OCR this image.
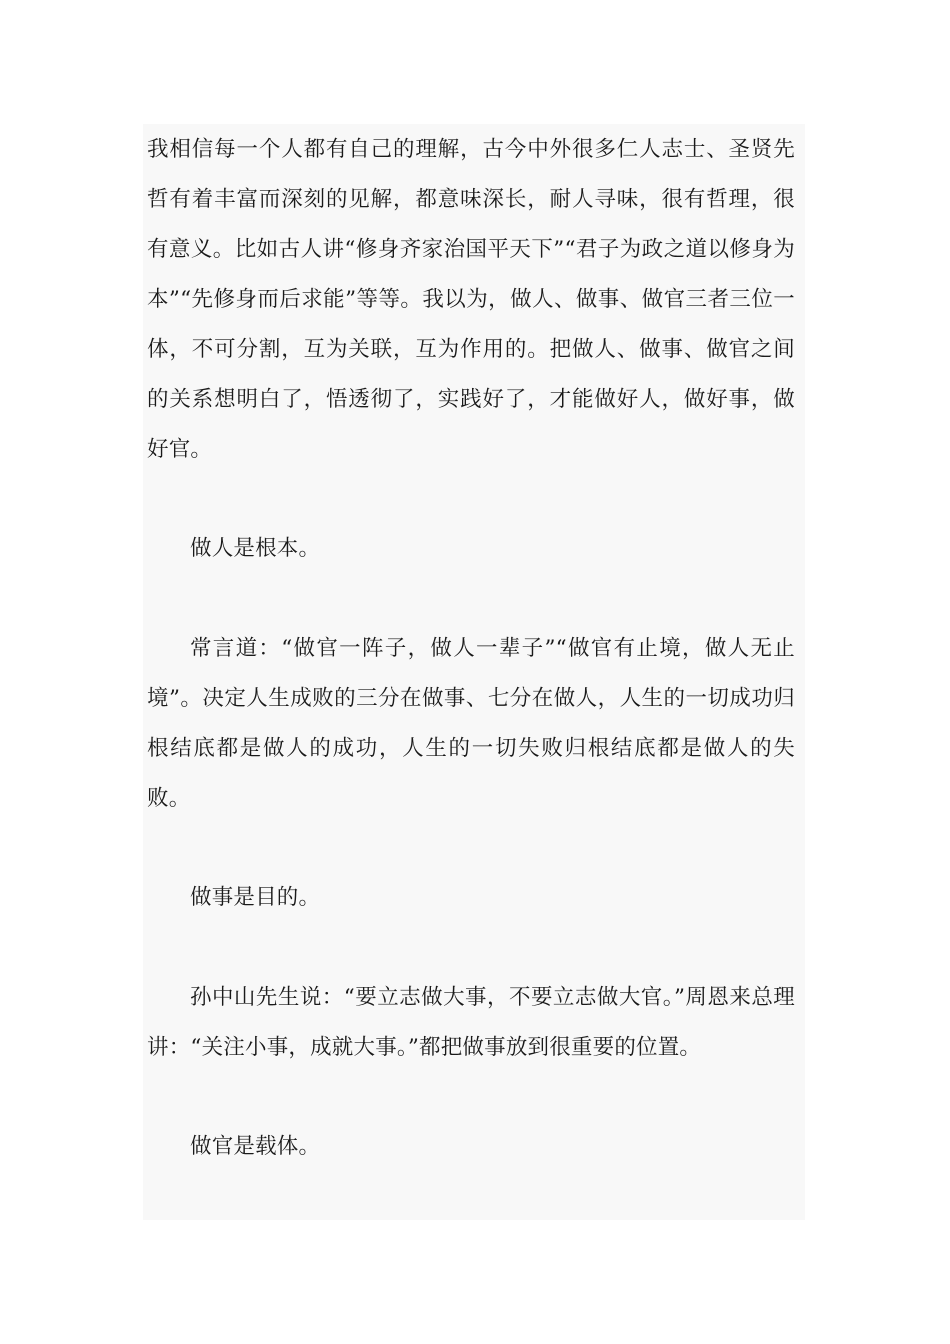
我相信每一个人都有自己的理解，古今中外很多仁人志士、圣贤先哲有着丰富而深刻的见解，都意味深长，耐人寻味，很有哲理，很有意义。比如古人讲“修身齐家治国平天下”“君子为政之道以修身为本”“先修身而后求能”等等。我以为，做人、做事、做官三者三位一体，不可分割，互为关联，互为作用的。把做人、做事、做官之间的关系想明白了，悟透彻了，实践好了，才能做好人，做好事，做好官。

做人是根本。

常言道：“做官一阵子，做人一辈子”“做官有止境，做人无止境”。决定人生成败的三分在做事、七分在做人，人生的一切成功归根结底都是做人的成功，人生的一切失败归根结底都是做人的失败。

做事是目的。

孙中山先生说：“要立志做大事，不要立志做大官。”周恩来总理讲：“关注小事，成就大事。”都把做事放到很重要的位置。

做官是载体。
